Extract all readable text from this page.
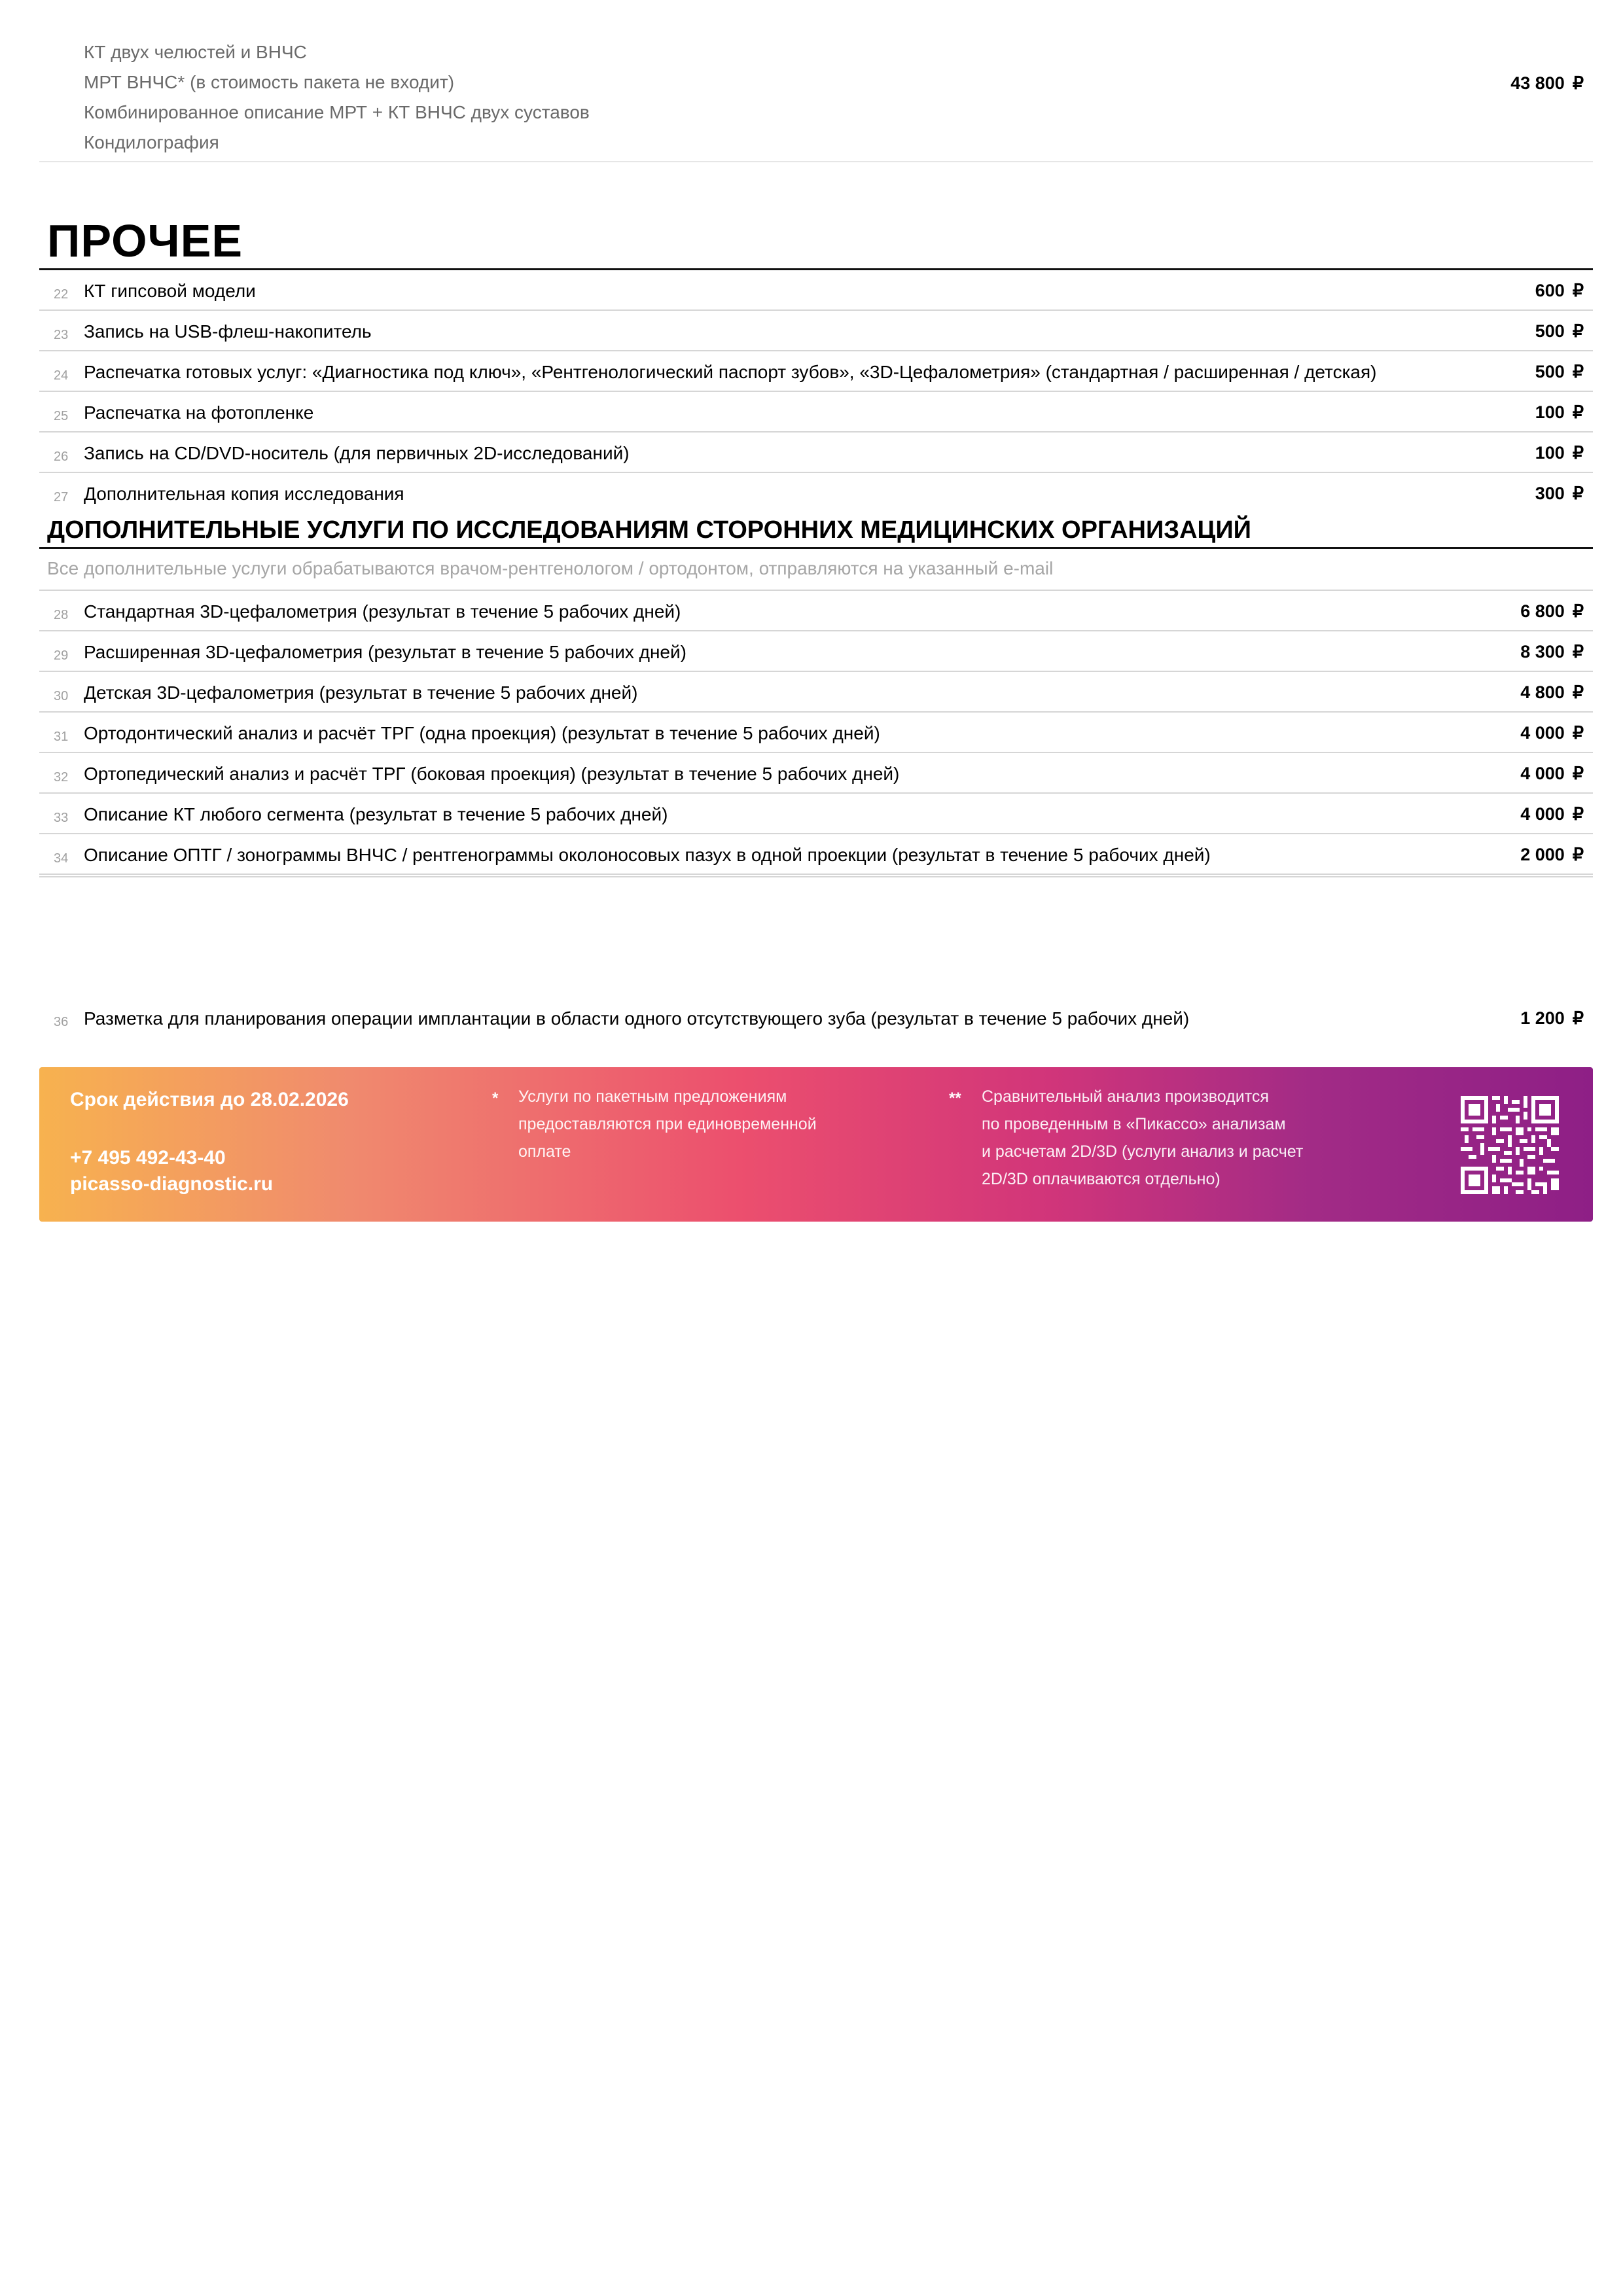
КТ двух челюстей и ВНЧС
МРТ ВНЧС* (в стоимость пакета не входит)
Комбинированное описание МРТ + КТ ВНЧС двух суставов
Кондилография
43 800 ₽
ПРОЧЕЕ
22 КТ гипсовой модели	600 ₽
23 Запись на USB-флеш-накопитель	500 ₽
24 Распечатка готовых услуг: «Диагностика под ключ», «Рентгенологический паспорт зубов», «3D-Цефалометрия» (стандартная / расширенная / детская)	500 ₽
25 Распечатка на фотопленке	100 ₽
26 Запись на CD/DVD-носитель (для первичных 2D-исследований)	100 ₽
27 Дополнительная копия исследования	300 ₽
ДОПОЛНИТЕЛЬНЫЕ УСЛУГИ ПО ИССЛЕДОВАНИЯМ СТОРОННИХ МЕДИЦИНСКИХ ОРГАНИЗАЦИЙ
Все дополнительные услуги обрабатываются врачом-рентгенологом / ортодонтом, отправляются на указанный e-mail
28 Стандартная 3D-цефалометрия (результат в течение 5 рабочих дней)	6 800 ₽
29 Расширенная 3D-цефалометрия (результат в течение 5 рабочих дней)	8 300 ₽
30 Детская 3D-цефалометрия (результат в течение 5 рабочих дней)	4 800 ₽
31 Ортодонтический анализ и расчёт ТРГ (одна проекция) (результат в течение 5 рабочих дней)	4 000 ₽
32 Ортопедический анализ и расчёт ТРГ (боковая проекция) (результат в течение 5 рабочих дней)	4 000 ₽
33 Описание КТ любого сегмента (результат в течение 5 рабочих дней)	4 000 ₽
34 Описание ОПТГ / зонограммы ВНЧС / рентгенограммы околоносовых пазух в одной проекции (результат в течение 5 рабочих дней)	2 000 ₽
36 Разметка для планирования операции имплантации в области одного отсутствующего зуба (результат в течение 5 рабочих дней)	1 200 ₽
Срок действия до 28.02.2026
+7 495 492-43-40
picasso-diagnostic.ru
* Услуги по пакетным предложениям
предоставляются при единовременной
оплате
** Сравнительный анализ производится
по проведенным в «Пикассо» анализам
и расчетам 2D/3D (услуги анализ и расчет
2D/3D оплачиваются отдельно)
